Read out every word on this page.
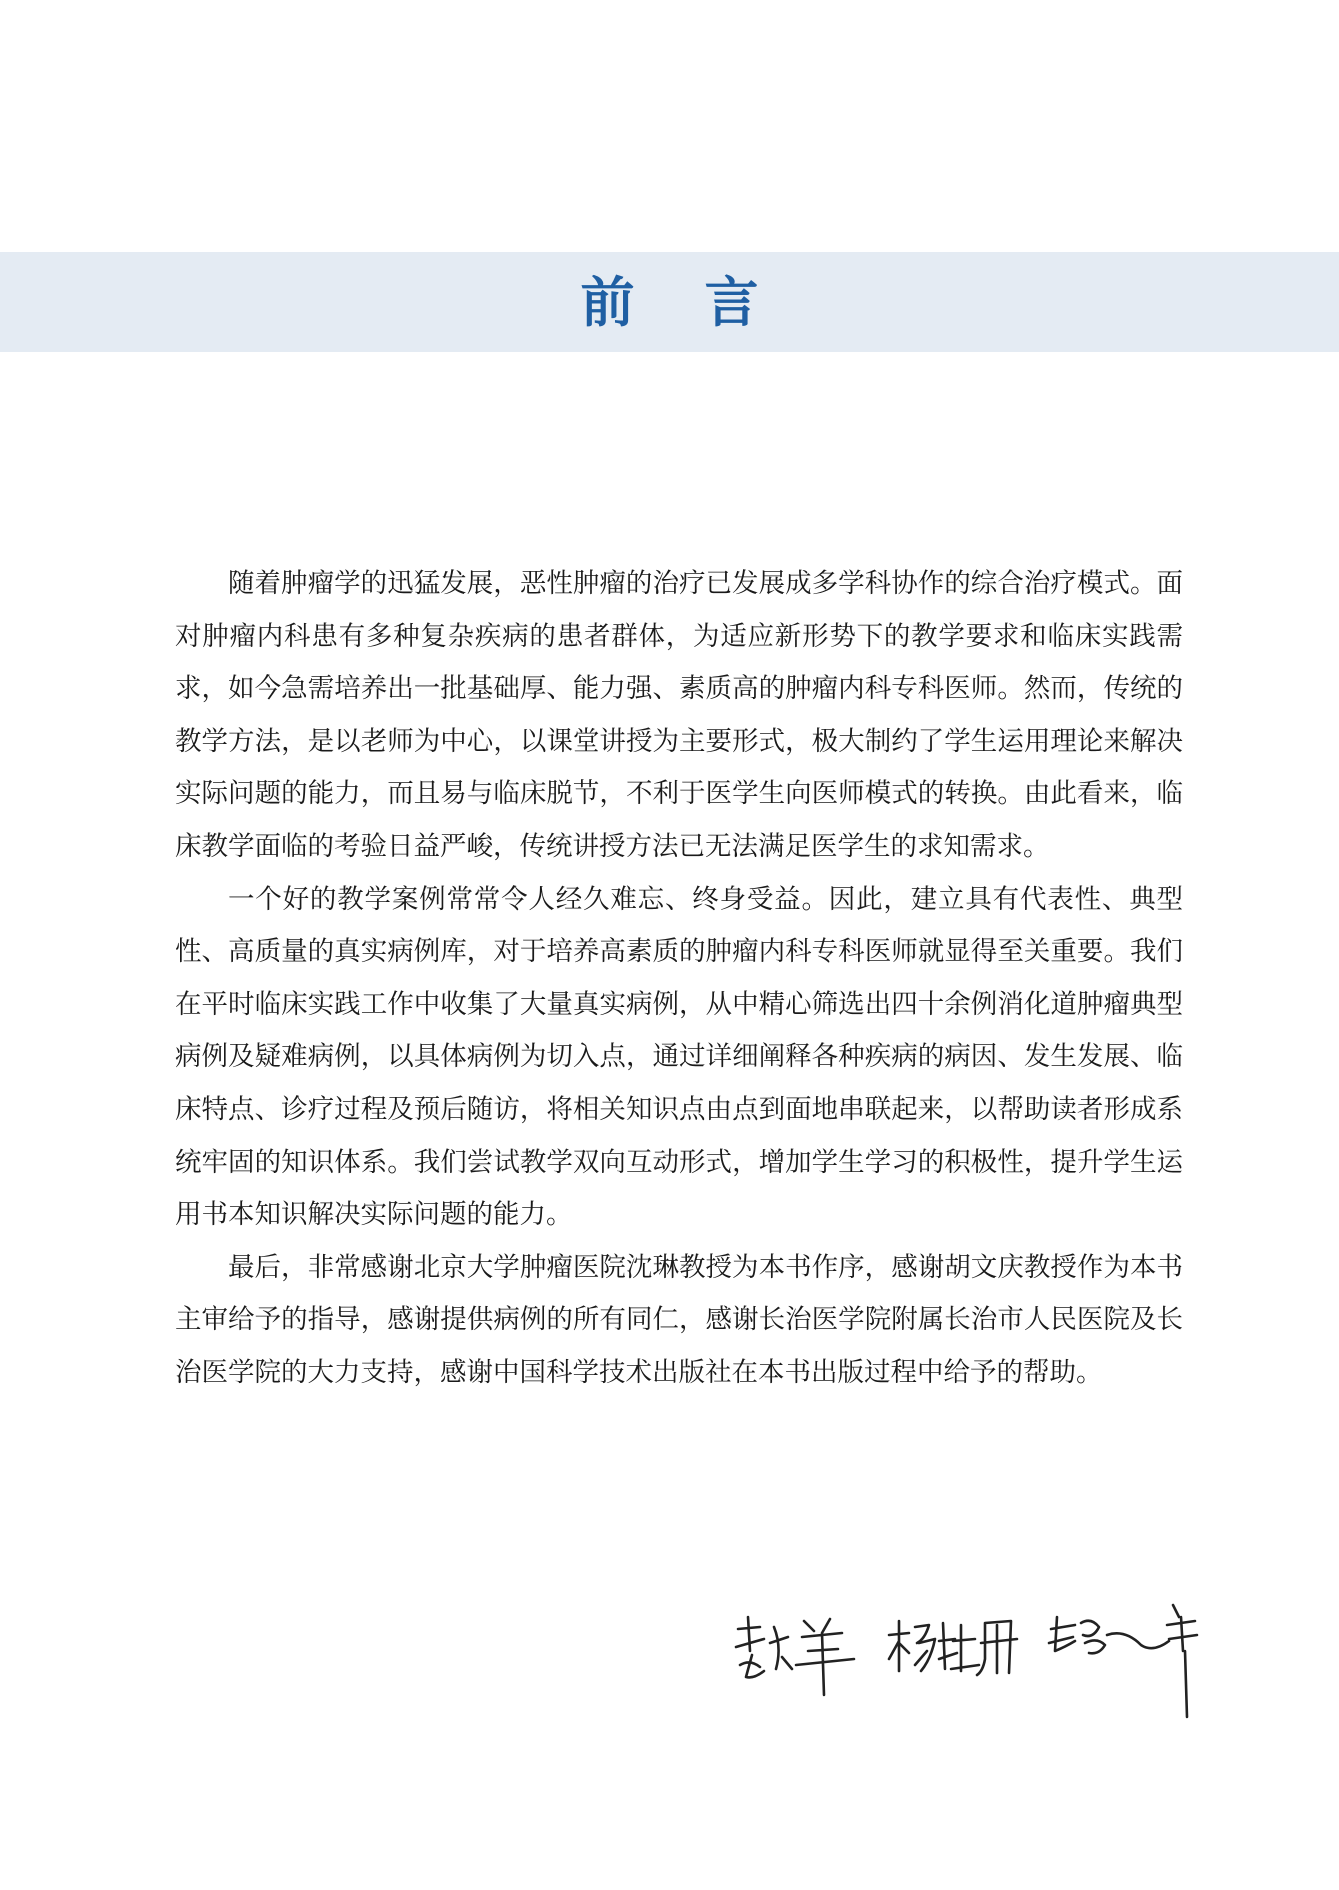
前言

随着肿瘤学的迅猛发展，恶性肿瘤的治疗已发展成多学科协作的综合治疗模式。面对肿瘤内科患有多种复杂疾病的患者群体，为适应新形势下的教学要求和临床实践需求，如今急需培养出一批基础厚、能力强、素质高的肿瘤内科专科医师。然而，传统的教学方法，是以老师为中心，以课堂讲授为主要形式，极大制约了学生运用理论来解决实际问题的能力，而且易与临床脱节，不利于医学生向医师模式的转换。由此看来，临床教学面临的考验日益严峻，传统讲授方法已无法满足医学生的求知需求。

一个好的教学案例常常令人经久难忘、终身受益。因此，建立具有代表性、典型性、高质量的真实病例库，对于培养高素质的肿瘤内科专科医师就显得至关重要。我们在平时临床实践工作中收集了大量真实病例，从中精心筛选出四十余例消化道肿瘤典型病例及疑难病例，以具体病例为切入点，通过详细阐释各种疾病的病因、发生发展、临床特点、诊疗过程及预后随访，将相关知识点由点到面地串联起来，以帮助读者形成系统牢固的知识体系。我们尝试教学双向互动形式，增加学生学习的积极性，提升学生运用书本知识解决实际问题的能力。

最后，非常感谢北京大学肿瘤医院沈琳教授为本书作序，感谢胡文庆教授作为本书主审给予的指导，感谢提供病例的所有同仁，感谢长治医学院附属长治市人民医院及长治医学院的大力支持，感谢中国科学技术出版社在本书出版过程中给予的帮助。
